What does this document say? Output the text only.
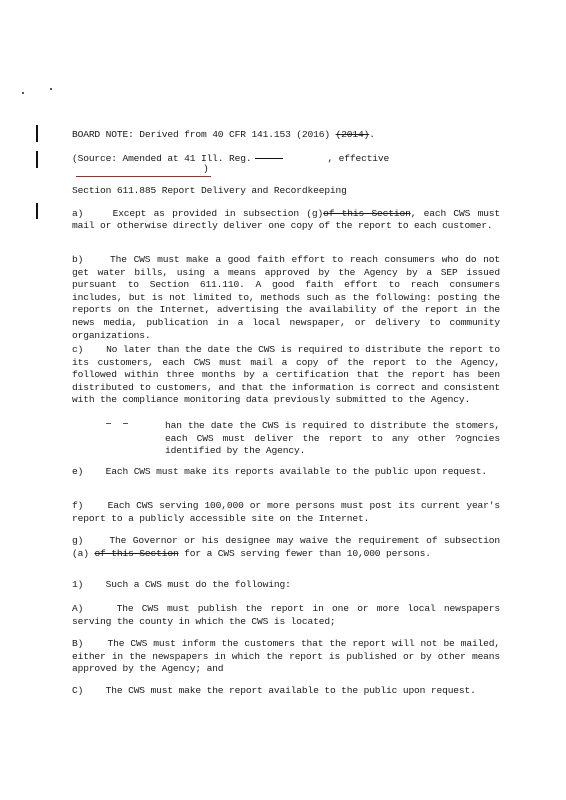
BOARD NOTE: Derived from 40 CFR 141.153 (2016) (2014).
(Source: Amended at 41 Ill. Reg.	, effective
)
Section 611.885 Report Delivery and Recordkeeping
a)	Except as provided in subsection (g)of this Section, each CWS must mail or otherwise directly deliver one copy of the report to each customer.
b)	The CWS must make a good faith effort to reach consumers who do not get water bills, using a means approved by the Agency by a SEP issued pursuant to Section 611.110. A good faith effort to reach consumers includes, but is not limited to, methods such as the following: posting the reports on the Internet, advertising the availability of the report in the news media, publication in a local newspaper, or delivery to community organizations.
c) No later than the date the CWS is required to distribute the report to its customers, each CWS must mail a copy of the report to the Agency, followed within three months by a certification that the report has been distributed to customers, and that the information is correct and consistent with the compliance monitoring data previously submitted to the Agency.
han the date the CWS is required to distribute the stomers, each CWS must deliver the report to any other ?ogncies identified by the Agency.
e) Each CWS must make its reports available to the public upon request.
f)	Each CWS serving 100,000 or more persons must post its current year's report to a publicly accessible site on the Internet.
g)	The Governor or his designee may waive the requirement of subsection (a) of this Section for a CWS serving fewer than 10,000 persons.
1) Such a CWS must do the following:
A)	The CWS must publish the report in one or more local newspapers serving the county in which the CWS is located;
B)	The CWS must inform the customers that the report will not be mailed, either in the newspapers in which the report is published or by other means approved by the Agency; and
C) The CWS must make the report available to the public upon request.
